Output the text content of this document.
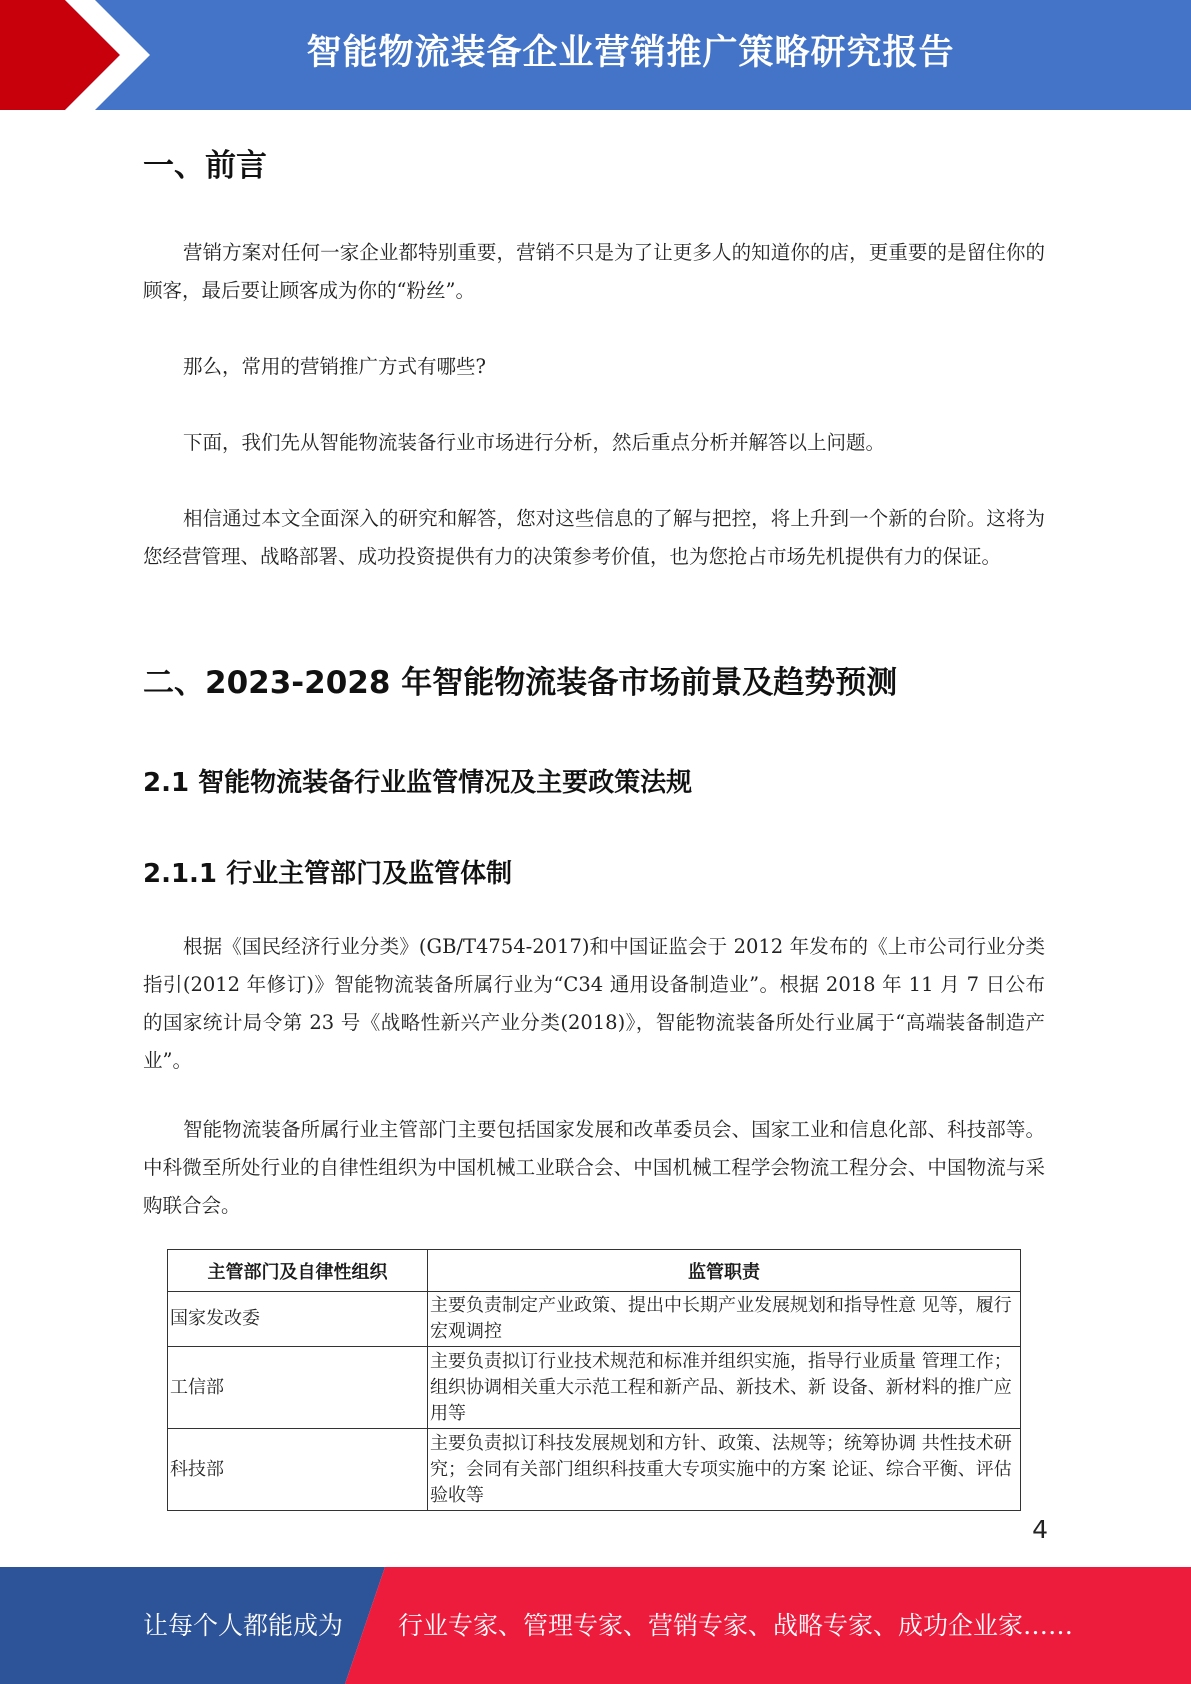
智能物流装备企业营销推广策略研究报告
一、前言

营销方案对任何一家企业都特别重要，营销不只是为了让更多人的知道你的店，更重要的是留住你的顾客，最后要让顾客成为你的“粉丝”。

那么，常用的营销推广方式有哪些?

下面，我们先从智能物流装备行业市场进行分析，然后重点分析并解答以上问题。

相信通过本文全面深入的研究和解答，您对这些信息的了解与把控，将上升到一个新的台阶。这将为您经营管理、战略部署、成功投资提供有力的决策参考价值，也为您抢占市场先机提供有力的保证。

二、2023-2028 年智能物流装备市场前景及趋势预测
2.1 智能物流装备行业监管情况及主要政策法规
2.1.1 行业主管部门及监管体制

根据《国民经济行业分类》(GB/T4754-2017)和中国证监会于 2012 年发布的《上市公司行业分类指引(2012 年修订)》智能物流装备所属行业为“C34 通用设备制造业”。根据 2018 年 11 月 7 日公布的国家统计局令第 23 号《战略性新兴产业分类(2018)》，智能物流装备所处行业属于“高端装备制造产业”。

智能物流装备所属行业主管部门主要包括国家发展和改革委员会、国家工业和信息化部、科技部等。中科微至所处行业的自律性组织为中国机械工业联合会、中国机械工程学会物流工程分会、中国物流与采购联合会。

主管部门及自律性组织	监管职责
国家发改委	主要负责制定产业政策、提出中长期产业发展规划和指导性意 见等，履行宏观调控
工信部	主要负责拟订行业技术规范和标准并组织实施，指导行业质量 管理工作；组织协调相关重大示范工程和新产品、新技术、新 设备、新材料的推广应用等
科技部	主要负责拟订科技发展规划和方针、政策、法规等；统筹协调 共性技术研究；会同有关部门组织科技重大专项实施中的方案 论证、综合平衡、评估验收等
4
让每个人都能成为 行业专家、管理专家、营销专家、战略专家、成功企业家……
